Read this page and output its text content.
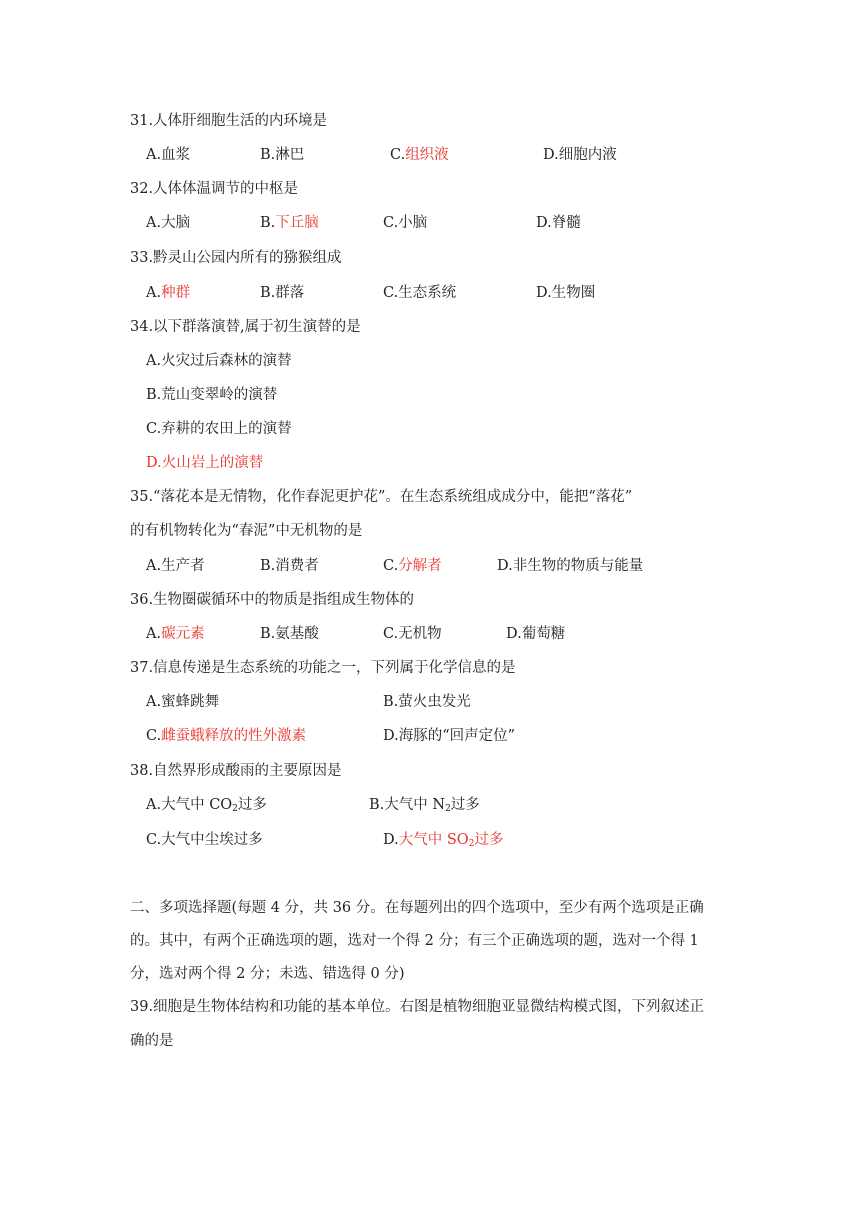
31.人体肝细胞生活的内环境是
A.血浆	B.淋巴	C.组织液	D.细胞内液
32.人体体温调节的中枢是
A.大脑	B.下丘脑	C.小脑	D.脊髓
33.黔灵山公园内所有的猕猴组成
A.种群	B.群落	C.生态系统	D.生物圈
34.以下群落演替,属于初生演替的是
A.火灾过后森林的演替
B.荒山变翠岭的演替
C.弃耕的农田上的演替
D.火山岩上的演替
35.“落花本是无情物，化作春泥更护花”。在生态系统组成成分中，能把“落花”
的有机物转化为“春泥”中无机物的是
A.生产者	B.消费者	C.分解者	D.非生物的物质与能量
36.生物圈碳循环中的物质是指组成生物体的
A.碳元素	B.氨基酸	C.无机物	D.葡萄糖
37.信息传递是生态系统的功能之一，下列属于化学信息的是
A.蜜蜂跳舞	B.萤火虫发光
C.雌蚕蛾释放的性外激素	D.海豚的“回声定位”
38.自然界形成酸雨的主要原因是
A.大气中 $CO_2$过多	B.大气中 $N_2$过多
C.大气中尘埃过多	D.大气中 $SO_2$过多
二、多项选择题(每题 4 分，共 36 分。在每题列出的四个选项中，至少有两个选项是正确
的。其中，有两个正确选项的题，选对一个得 2 分；有三个正确选项的题，选对一个得 1
分，选对两个得 2 分；未选、错选得 0 分)
39.细胞是生物体结构和功能的基本单位。右图是植物细胞亚显微结构模式图，下列叙述正
确的是
